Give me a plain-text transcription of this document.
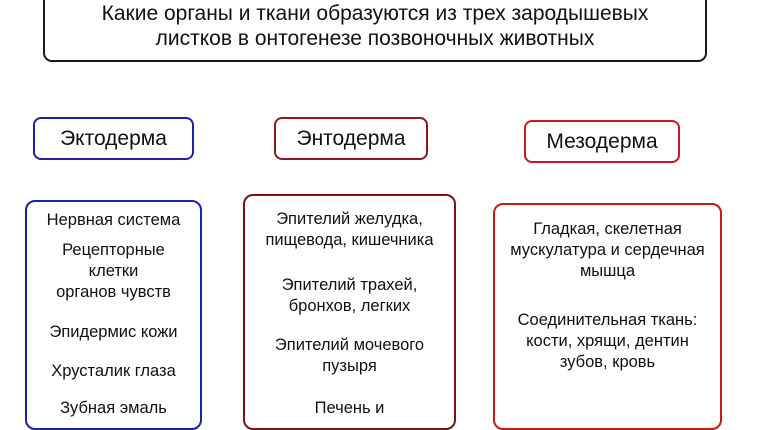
Какие органы и ткани образуются из трех зародышевых
листков в онтогенезе позвоночных животных
Эктодерма	Энтодерма	Мезодерма

Нервная система

Рецепторные
клетки
органов чувств

Эпидермис кожи

Хрусталик глаза

Зубная эмаль

Эпителий желудка,
пищевода, кишечника

Эпителий трахей,
бронхов, легких

Эпителий мочевого
пузыря

Печень и

Гладкая, скелетная
мускулатура и сердечная
мышца

Соединительная ткань:
кости, хрящи, дентин
зубов, кровь
